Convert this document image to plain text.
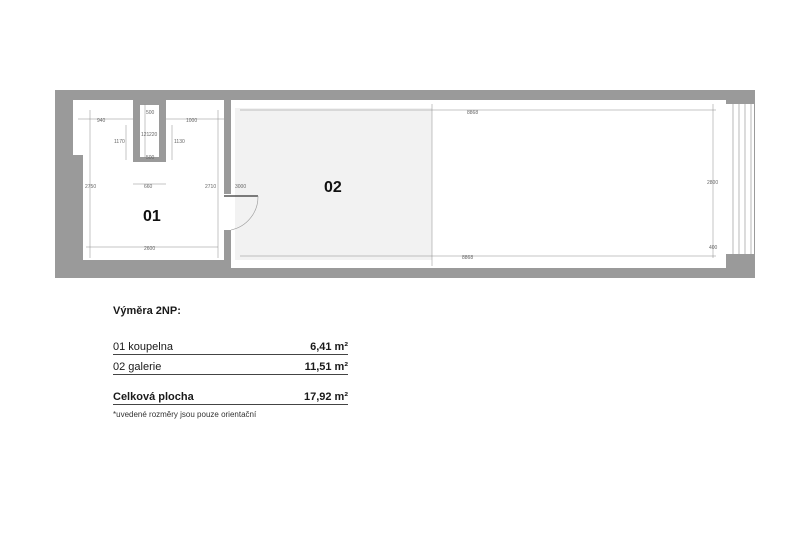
940
500
1000
121 220
500
1170	1130
660
2750	2710
2600
3000
8868
8868
2800
400
01
02
Výměra 2NP:
01 koupelna	6,41 m²
02 galerie	11,51 m²
Celková plocha	17,92 m²
*uvedené rozměry jsou pouze orientační
